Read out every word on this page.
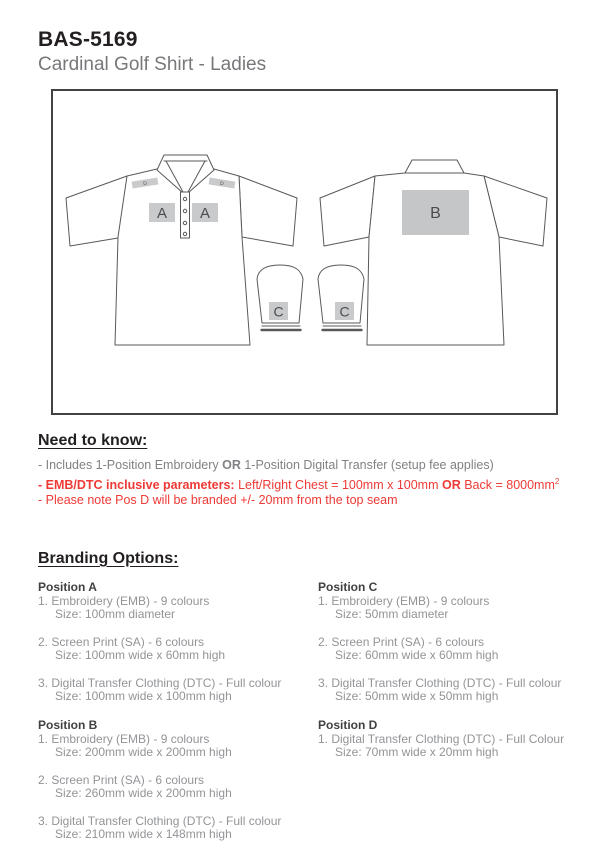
BAS-5169
Cardinal Golf Shirt - Ladies
D	D
A A
C	C
B
Need to know:

- Includes 1-Position Embroidery OR 1-Position Digital Transfer (setup fee applies)

- EMB/DTC inclusive parameters: Left/Right Chest = 100mm x 100mm OR Back = $8000mm^2$

- Please note Pos D will be branded +/- 20mm from the top seam

Branding Options:

Position A

1. Embroidery (EMB) - 9 colours
Size: 100mm diameter
2. Screen Print (SA) - 6 colours
Size: 100mm wide x 60mm high
3. Digital Transfer Clothing (DTC) - Full colour
Size: 100mm wide x 100mm high

Position B

1. Embroidery (EMB) - 9 colours
Size: 200mm wide x 200mm high
2. Screen Print (SA) - 6 colours
Size: 260mm wide x 200mm high
3. Digital Transfer Clothing (DTC) - Full colour
Size: 210mm wide x 148mm high

Position C

1. Embroidery (EMB) - 9 colours
Size: 50mm diameter
2. Screen Print (SA) - 6 colours
Size: 60mm wide x 60mm high
3. Digital Transfer Clothing (DTC) - Full colour
Size: 50mm wide x 50mm high

Position D

1. Digital Transfer Clothing (DTC) - Full Colour
Size: 70mm wide x 20mm high
